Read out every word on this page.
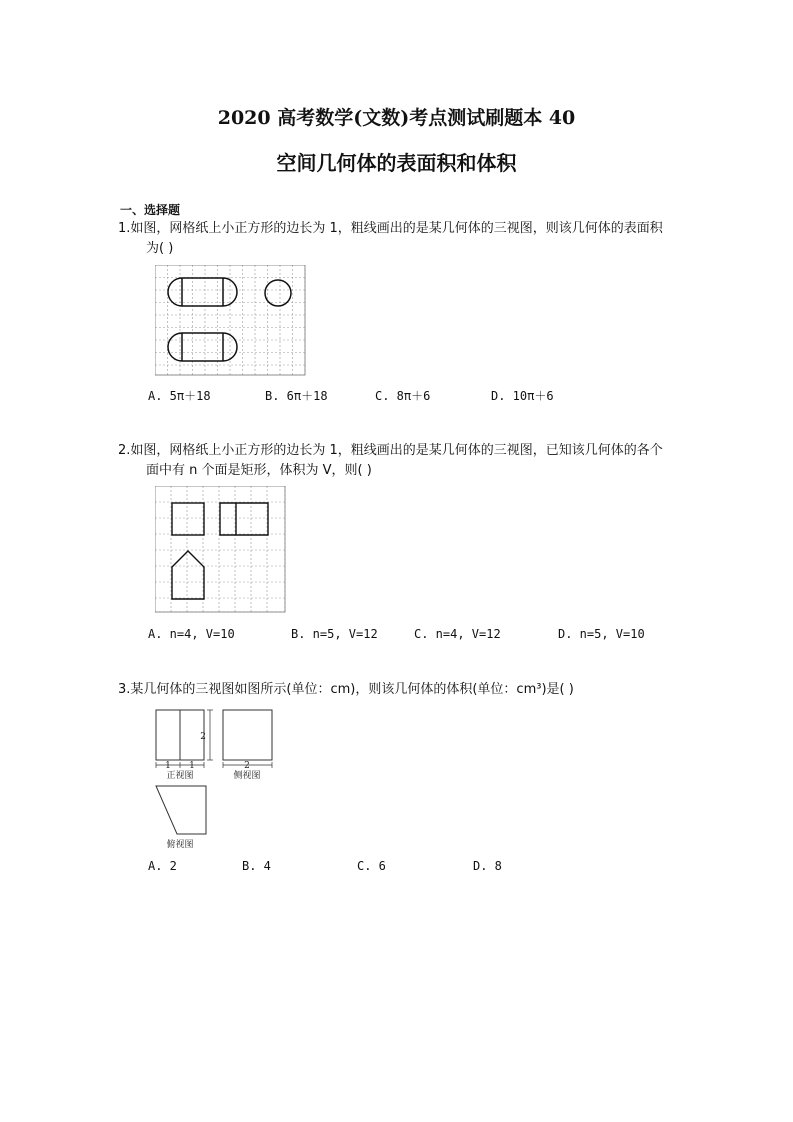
2020 高考数学(文数)考点测试刷题本 40
空间几何体的表面积和体积
一、选择题
1.如图，网格纸上小正方形的边长为 1，粗线画出的是某几何体的三视图，则该几何体的表面积
为( )
A. 5π＋18	B. 6π＋18	C. 8π＋6	D. 10π＋6
2.如图，网格纸上小正方形的边长为 1，粗线画出的是某几何体的三视图，已知该几何体的各个
面中有 n 个面是矩形，体积为 V，则( )
A. n=4, V=10	B. n=5, V=12	C. n=4, V=12	D. n=5, V=10
3.某几何体的三视图如图所示(单位：cm)，则该几何体的体积(单位：cm³)是( )
2
1 1	2
正视图	侧视图
俯视图
A. 2	B. 4	C. 6	D. 8
